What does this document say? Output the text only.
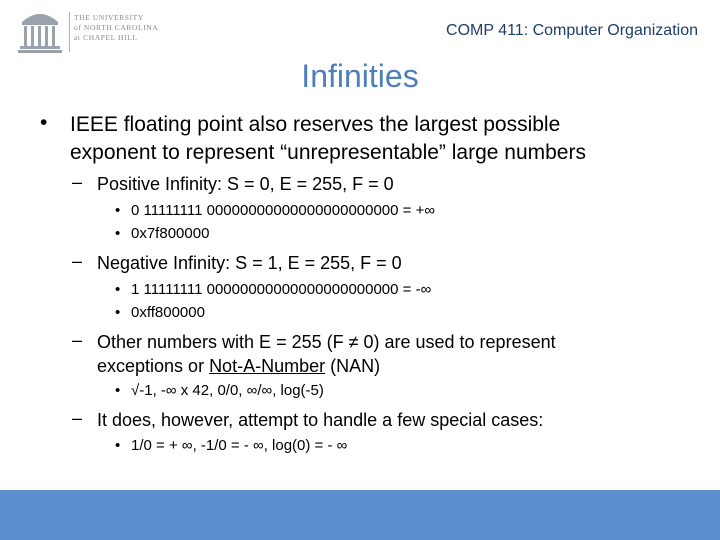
THE UNIVERSITY
of NORTH CAROLINA
at CHAPEL HILL	COMP 411: Computer Organization
Infinities
• IEEE floating point also reserves the largest possible
exponent to represent “unrepresentable” large numbers
– Positive Infinity: S = 0, E = 255, F = 0
• 0 11111111 00000000000000000000000 = +∞
• 0x7f800000
– Negative Infinity: S = 1, E = 255, F = 0
• 1 11111111 00000000000000000000000 = -∞
• 0xff800000
– Other numbers with E = 255 (F ≠ 0) are used to represent
exceptions or Not-A-Number (NAN)
• √-1, -∞ x 42, 0/0, ∞/∞, log(-5)
– It does, however, attempt to handle a few special cases:
• 1/0 = + ∞, -1/0 = - ∞, log(0) = - ∞
